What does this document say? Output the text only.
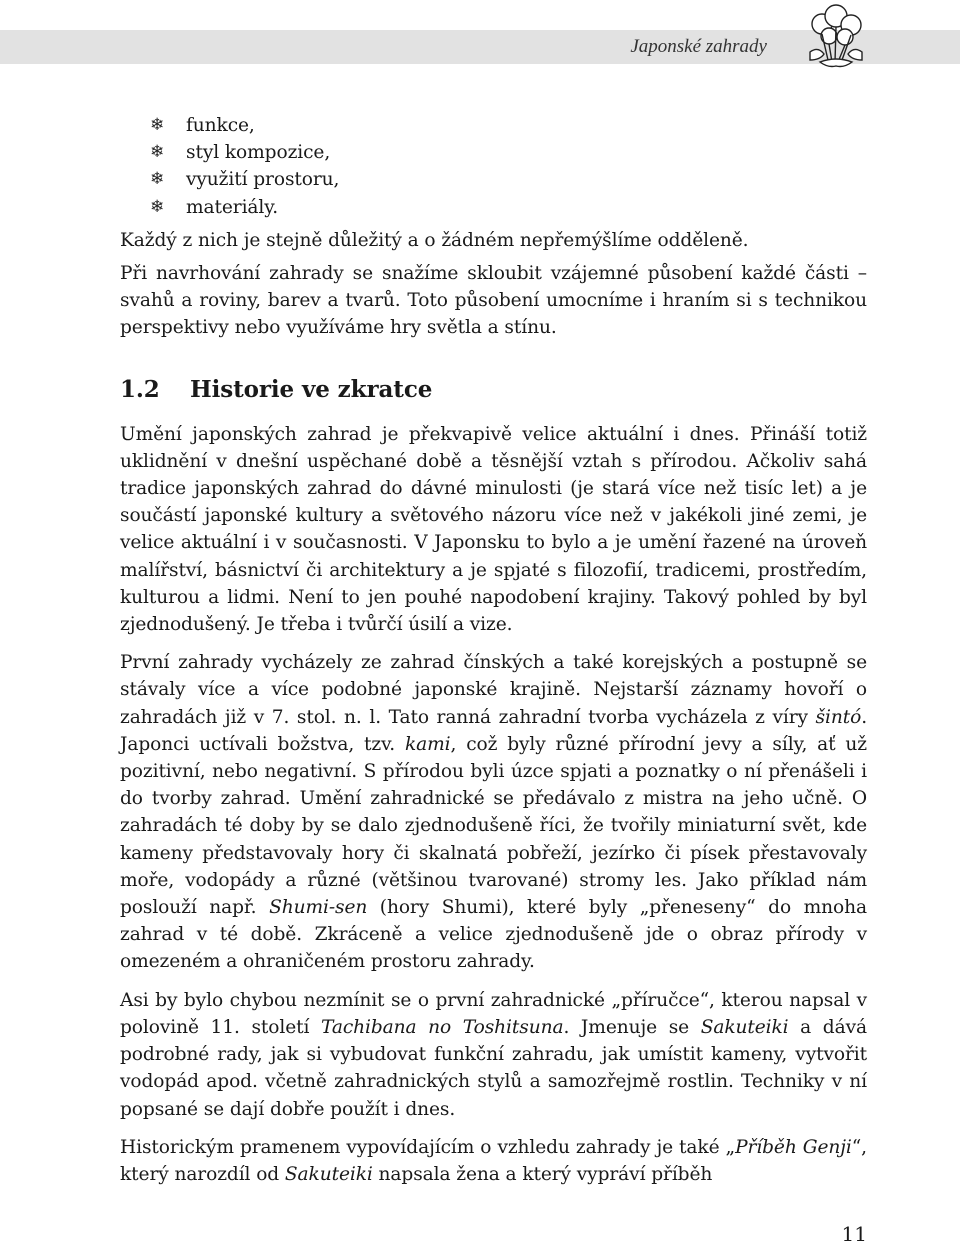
Japonské zahrady
❄ funkce,
❄ styl kompozice,
❄ využití prostoru,
❄ materiály.

Každý z nich je stejně důležitý a o žádném nepřemýšlíme odděleně.

Při navrhování zahrady se snažíme skloubit vzájemné působení každé části – svahů a roviny, barev a tvarů. Toto působení umocníme i hraním si s technikou perspektivy nebo využíváme hry světla a stínu.

1.2 Historie ve zkratce

Umění japonských zahrad je překvapivě velice aktuální i dnes. Přináší totiž uklidnění v dnešní uspěchané době a těsnější vztah s přírodou. Ačkoliv sahá tradice japonských zahrad do dávné minulosti (je stará více než tisíc let) a je součástí japonské kultury a světového názoru více než v jakékoli jiné zemi, je velice aktuální i v současnosti. V Japonsku to bylo a je umění řazené na úroveň malířství, básnictví či architektury a je spjaté s filozofií, tradicemi, prostředím, kulturou a lidmi. Není to jen pouhé napodobení krajiny. Takový pohled by byl zjednodušený. Je třeba i tvůrčí úsilí a vize.

První zahrady vycházely ze zahrad čínských a také korejských a postupně se stávaly více a více podobné japonské krajině. Nejstarší záznamy hovoří o zahradách již v 7. stol. n. l. Tato ranná zahradní tvorba vycházela z víry šintó. Japonci uctívali božstva, tzv. kami, což byly různé přírodní jevy a síly, ať už pozitivní, nebo negativní. S přírodou byli úzce spjati a poznatky o ní přenášeli i do tvorby zahrad. Umění zahradnické se předávalo z mistra na jeho učně. O zahradách té doby by se dalo zjednodušeně říci, že tvořily miniaturní svět, kde kameny představovaly hory či skalnatá pobřeží, jezírko či písek přestavovaly moře, vodopády a různé (většinou tvarované) stromy les. Jako příklad nám poslouží např. Shumi-sen (hory Shumi), které byly „přeneseny“ do mnoha zahrad v té době. Zkráceně a velice zjednodušeně jde o obraz přírody v omezeném a ohraničeném prostoru zahrady.

Asi by bylo chybou nezmínit se o první zahradnické „příručce“, kterou napsal v polovině 11. století Tachibana no Toshitsuna. Jmenuje se Sakuteiki a dává podrobné rady, jak si vybudovat funkční zahradu, jak umístit kameny, vytvořit vodopád apod. včetně zahradnických stylů a samozřejmě rostlin. Techniky v ní popsané se dají dobře použít i dnes.

Historickým pramenem vypovídajícím o vzhledu zahrady je také „Příběh Genji“, který narozdíl od Sakuteiki napsala žena a který vypráví příběh

11
